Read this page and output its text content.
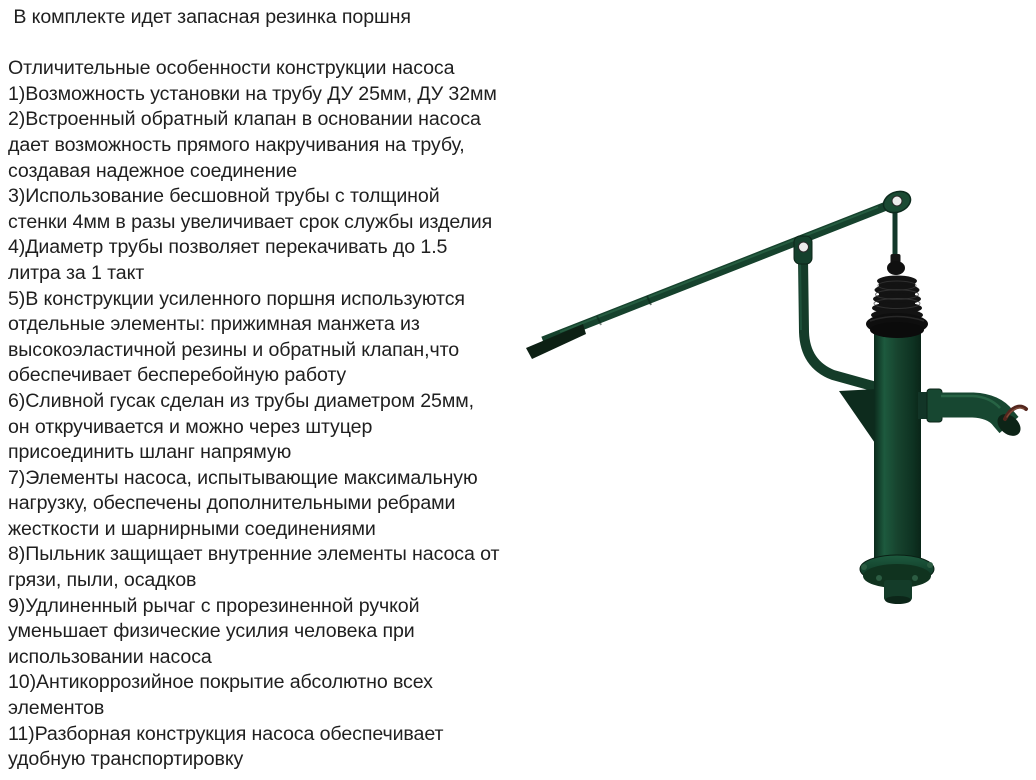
В комплекте идет запасная резинка поршня

Отличительные особенности конструкции насоса
1)Возможность установки на трубу ДУ 25мм, ДУ 32мм
2)Встроенный обратный клапан в основании насоса
дает возможность прямого накручивания на трубу,
создавая надежное соединение
3)Использование бесшовной трубы с толщиной
стенки 4мм в разы увеличивает срок службы изделия
4)Диаметр трубы позволяет перекачивать до 1.5
литра за 1 такт
5)В конструкции усиленного поршня используются
отдельные элементы: прижимная манжета из
высокоэластичной резины и обратный клапан,что
обеспечивает бесперебойную работу
6)Сливной гусак сделан из трубы диаметром 25мм,
он откручивается и можно через штуцер
присоединить шланг напрямую
7)Элементы насоса, испытывающие максимальную
нагрузку, обеспечены дополнительными ребрами
жесткости и шарнирными соединениями
8)Пыльник защищает внутренние элементы насоса от
грязи, пыли, осадков
9)Удлиненный рычаг с прорезиненной ручкой
уменьшает физические усилия человека при
использовании насоса
10)Антикоррозийное покрытие абсолютно всех
элементов
11)Разборная конструкция насоса обеспечивает
удобную транспортировку
